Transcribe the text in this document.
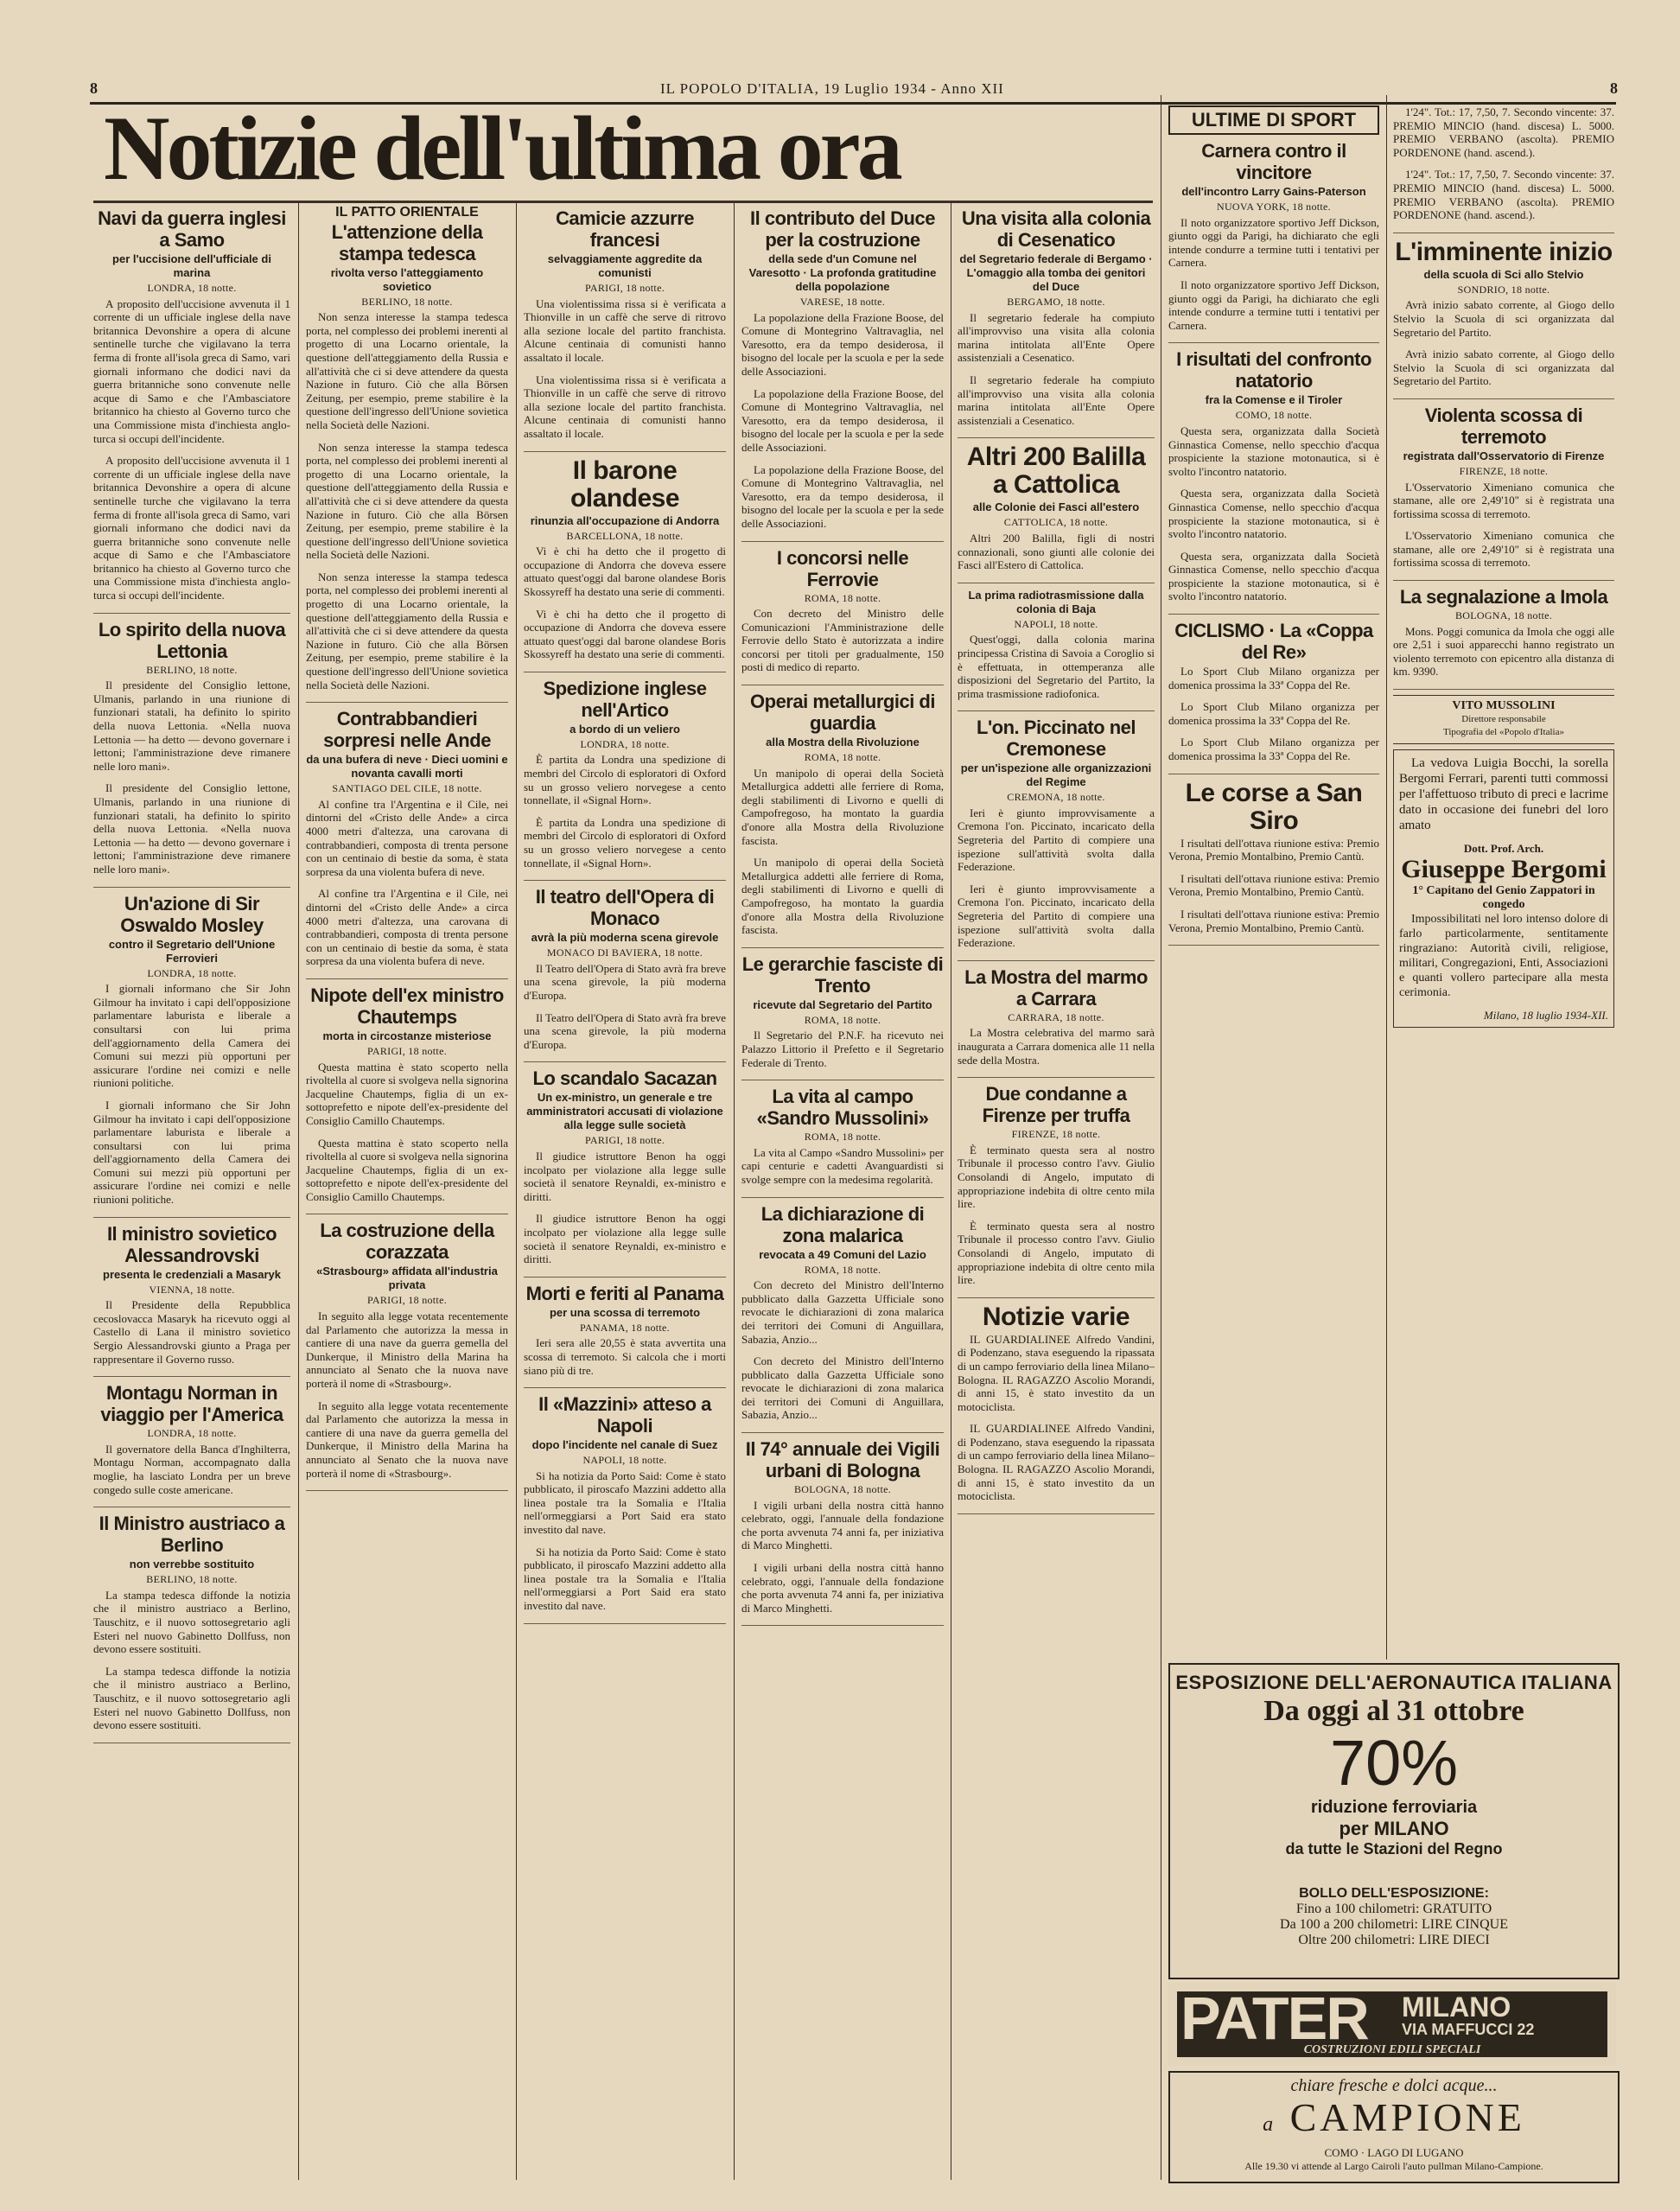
8	IL POPOLO D'ITALIA, 19 Luglio 1934 - Anno XII	8
Notizie dell'ultima ora
Navi da guerra inglesi a Samo
per l'uccisione dell'ufficiale di marina
LONDRA, 18 notte.

A proposito dell'uccisione avvenuta il 1 corrente di un ufficiale inglese della nave britannica Devonshire a opera di alcune sentinelle turche che vigilavano la terra ferma di fronte all'isola greca di Samo, vari giornali informano che dodici navi da guerra britanniche sono convenute nelle acque di Samo e che l'Ambasciatore britannico ha chiesto al Governo turco che una Commissione mista d'inchiesta anglo-turca si occupi dell'incidente.

A proposito dell'uccisione avvenuta il 1 corrente di un ufficiale inglese della nave britannica Devonshire a opera di alcune sentinelle turche che vigilavano la terra ferma di fronte all'isola greca di Samo, vari giornali informano che dodici navi da guerra britanniche sono convenute nelle acque di Samo e che l'Ambasciatore britannico ha chiesto al Governo turco che una Commissione mista d'inchiesta anglo-turca si occupi dell'incidente.

Lo spirito della nuova Lettonia
BERLINO, 18 notte.

Il presidente del Consiglio lettone, Ulmanis, parlando in una riunione di funzionari statali, ha definito lo spirito della nuova Lettonia. «Nella nuova Lettonia — ha detto — devono governare i lettoni; l'amministrazione deve rimanere nelle loro mani».

Il presidente del Consiglio lettone, Ulmanis, parlando in una riunione di funzionari statali, ha definito lo spirito della nuova Lettonia. «Nella nuova Lettonia — ha detto — devono governare i lettoni; l'amministrazione deve rimanere nelle loro mani».

Un'azione di Sir Oswaldo Mosley
contro il Segretario dell'Unione Ferrovieri
LONDRA, 18 notte.

I giornali informano che Sir John Gilmour ha invitato i capi dell'opposizione parlamentare laburista e liberale a consultarsi con lui prima dell'aggiornamento della Camera dei Comuni sui mezzi più opportuni per assicurare l'ordine nei comizi e nelle riunioni politiche.

I giornali informano che Sir John Gilmour ha invitato i capi dell'opposizione parlamentare laburista e liberale a consultarsi con lui prima dell'aggiornamento della Camera dei Comuni sui mezzi più opportuni per assicurare l'ordine nei comizi e nelle riunioni politiche.

Il ministro sovietico Alessandrovski
presenta le credenziali a Masaryk
VIENNA, 18 notte.

Il Presidente della Repubblica cecoslovacca Masaryk ha ricevuto oggi al Castello di Lana il ministro sovietico Sergio Alessandrovski giunto a Praga per rappresentare il Governo russo.

Montagu Norman in viaggio per l'America
LONDRA, 18 notte.

Il governatore della Banca d'Inghilterra, Montagu Norman, accompagnato dalla moglie, ha lasciato Londra per un breve congedo sulle coste americane.

Il Ministro austriaco a Berlino
non verrebbe sostituito
BERLINO, 18 notte.

La stampa tedesca diffonde la notizia che il ministro austriaco a Berlino, Tauschitz, e il nuovo sottosegretario agli Esteri nel nuovo Gabinetto Dollfuss, non devono essere sostituiti.

La stampa tedesca diffonde la notizia che il ministro austriaco a Berlino, Tauschitz, e il nuovo sottosegretario agli Esteri nel nuovo Gabinetto Dollfuss, non devono essere sostituiti.

IL PATTO ORIENTALE
L'attenzione della stampa tedesca
rivolta verso l'atteggiamento sovietico
BERLINO, 18 notte.

Non senza interesse la stampa tedesca porta, nel complesso dei problemi inerenti al progetto di una Locarno orientale, la questione dell'atteggiamento della Russia e all'attività che ci si deve attendere da questa Nazione in futuro. Ciò che alla Börsen Zeitung, per esempio, preme stabilire è la questione dell'ingresso dell'Unione sovietica nella Società delle Nazioni.

Non senza interesse la stampa tedesca porta, nel complesso dei problemi inerenti al progetto di una Locarno orientale, la questione dell'atteggiamento della Russia e all'attività che ci si deve attendere da questa Nazione in futuro. Ciò che alla Börsen Zeitung, per esempio, preme stabilire è la questione dell'ingresso dell'Unione sovietica nella Società delle Nazioni.

Non senza interesse la stampa tedesca porta, nel complesso dei problemi inerenti al progetto di una Locarno orientale, la questione dell'atteggiamento della Russia e all'attività che ci si deve attendere da questa Nazione in futuro. Ciò che alla Börsen Zeitung, per esempio, preme stabilire è la questione dell'ingresso dell'Unione sovietica nella Società delle Nazioni.

Contrabbandieri sorpresi nelle Ande
da una bufera di neve · Dieci uomini e novanta cavalli morti
SANTIAGO DEL CILE, 18 notte.

Al confine tra l'Argentina e il Cile, nei dintorni del «Cristo delle Ande» a circa 4000 metri d'altezza, una carovana di contrabbandieri, composta di trenta persone con un centinaio di bestie da soma, è stata sorpresa da una violenta bufera di neve.

Al confine tra l'Argentina e il Cile, nei dintorni del «Cristo delle Ande» a circa 4000 metri d'altezza, una carovana di contrabbandieri, composta di trenta persone con un centinaio di bestie da soma, è stata sorpresa da una violenta bufera di neve.

Nipote dell'ex ministro Chautemps
morta in circostanze misteriose
PARIGI, 18 notte.

Questa mattina è stato scoperto nella rivoltella al cuore si svolgeva nella signorina Jacqueline Chautemps, figlia di un ex-sottoprefetto e nipote dell'ex-presidente del Consiglio Camillo Chautemps.

Questa mattina è stato scoperto nella rivoltella al cuore si svolgeva nella signorina Jacqueline Chautemps, figlia di un ex-sottoprefetto e nipote dell'ex-presidente del Consiglio Camillo Chautemps.

La costruzione della corazzata
«Strasbourg» affidata all'industria privata
PARIGI, 18 notte.

In seguito alla legge votata recentemente dal Parlamento che autorizza la messa in cantiere di una nave da guerra gemella del Dunkerque, il Ministro della Marina ha annunciato al Senato che la nuova nave porterà il nome di «Strasbourg».

In seguito alla legge votata recentemente dal Parlamento che autorizza la messa in cantiere di una nave da guerra gemella del Dunkerque, il Ministro della Marina ha annunciato al Senato che la nuova nave porterà il nome di «Strasbourg».

Camicie azzurre francesi
selvaggiamente aggredite da comunisti
PARIGI, 18 notte.

Una violentissima rissa si è verificata a Thionville in un caffè che serve di ritrovo alla sezione locale del partito franchista. Alcune centinaia di comunisti hanno assaltato il locale.

Una violentissima rissa si è verificata a Thionville in un caffè che serve di ritrovo alla sezione locale del partito franchista. Alcune centinaia di comunisti hanno assaltato il locale.

Il barone olandese
rinunzia all'occupazione di Andorra
BARCELLONA, 18 notte.

Vi è chi ha detto che il progetto di occupazione di Andorra che doveva essere attuato quest'oggi dal barone olandese Boris Skossyreff ha destato una serie di commenti.

Vi è chi ha detto che il progetto di occupazione di Andorra che doveva essere attuato quest'oggi dal barone olandese Boris Skossyreff ha destato una serie di commenti.

Spedizione inglese nell'Artico
a bordo di un veliero
LONDRA, 18 notte.

È partita da Londra una spedizione di membri del Circolo di esploratori di Oxford su un grosso veliero norvegese a cento tonnellate, il «Signal Horn».

È partita da Londra una spedizione di membri del Circolo di esploratori di Oxford su un grosso veliero norvegese a cento tonnellate, il «Signal Horn».

Il teatro dell'Opera di Monaco
avrà la più moderna scena girevole
MONACO DI BAVIERA, 18 notte.

Il Teatro dell'Opera di Stato avrà fra breve una scena girevole, la più moderna d'Europa.

Il Teatro dell'Opera di Stato avrà fra breve una scena girevole, la più moderna d'Europa.

Lo scandalo Sacazan
Un ex-ministro, un generale e tre amministratori accusati di violazione alla legge sulle società
PARIGI, 18 notte.

Il giudice istruttore Benon ha oggi incolpato per violazione alla legge sulle società il senatore Reynaldi, ex-ministro e diritti.

Il giudice istruttore Benon ha oggi incolpato per violazione alla legge sulle società il senatore Reynaldi, ex-ministro e diritti.

Morti e feriti al Panama
per una scossa di terremoto
PANAMA, 18 notte.

Ieri sera alle 20,55 è stata avvertita una scossa di terremoto. Si calcola che i morti siano più di tre.

Il «Mazzini» atteso a Napoli
dopo l'incidente nel canale di Suez
NAPOLI, 18 notte.

Si ha notizia da Porto Said: Come è stato pubblicato, il piroscafo Mazzini addetto alla linea postale tra la Somalia e l'Italia nell'ormeggiarsi a Port Said era stato investito dal nave.

Si ha notizia da Porto Said: Come è stato pubblicato, il piroscafo Mazzini addetto alla linea postale tra la Somalia e l'Italia nell'ormeggiarsi a Port Said era stato investito dal nave.

Il contributo del Duce per la costruzione
della sede d'un Comune nel Varesotto · La profonda gratitudine della popolazione
VARESE, 18 notte.

La popolazione della Frazione Boose, del Comune di Montegrino Valtravaglia, nel Varesotto, era da tempo desiderosa, il bisogno del locale per la scuola e per la sede delle Associazioni.

La popolazione della Frazione Boose, del Comune di Montegrino Valtravaglia, nel Varesotto, era da tempo desiderosa, il bisogno del locale per la scuola e per la sede delle Associazioni.

La popolazione della Frazione Boose, del Comune di Montegrino Valtravaglia, nel Varesotto, era da tempo desiderosa, il bisogno del locale per la scuola e per la sede delle Associazioni.

I concorsi nelle Ferrovie
ROMA, 18 notte.

Con decreto del Ministro delle Comunicazioni l'Amministrazione delle Ferrovie dello Stato è autorizzata a indire concorsi per titoli per gradualmente, 150 posti di medico di reparto.

Operai metallurgici di guardia
alla Mostra della Rivoluzione
ROMA, 18 notte.

Un manipolo di operai della Società Metallurgica addetti alle ferriere di Roma, degli stabilimenti di Livorno e quelli di Campofregoso, ha montato la guardia d'onore alla Mostra della Rivoluzione fascista.

Un manipolo di operai della Società Metallurgica addetti alle ferriere di Roma, degli stabilimenti di Livorno e quelli di Campofregoso, ha montato la guardia d'onore alla Mostra della Rivoluzione fascista.

Le gerarchie fasciste di Trento
ricevute dal Segretario del Partito
ROMA, 18 notte.

Il Segretario del P.N.F. ha ricevuto nei Palazzo Littorio il Prefetto e il Segretario Federale di Trento.

La vita al campo «Sandro Mussolini»
ROMA, 18 notte.

La vita al Campo «Sandro Mussolini» per capi centurie e cadetti Avanguardisti si svolge sempre con la medesima regolarità.

La dichiarazione di zona malarica
revocata a 49 Comuni del Lazio
ROMA, 18 notte.

Con decreto del Ministro dell'Interno pubblicato dalla Gazzetta Ufficiale sono revocate le dichiarazioni di zona malarica dei territori dei Comuni di Anguillara, Sabazia, Anzio...

Con decreto del Ministro dell'Interno pubblicato dalla Gazzetta Ufficiale sono revocate le dichiarazioni di zona malarica dei territori dei Comuni di Anguillara, Sabazia, Anzio...

Il 74° annuale dei Vigili urbani di Bologna
BOLOGNA, 18 notte.

I vigili urbani della nostra città hanno celebrato, oggi, l'annuale della fondazione che porta avvenuta 74 anni fa, per iniziativa di Marco Minghetti.

I vigili urbani della nostra città hanno celebrato, oggi, l'annuale della fondazione che porta avvenuta 74 anni fa, per iniziativa di Marco Minghetti.

Una visita alla colonia di Cesenatico
del Segretario federale di Bergamo · L'omaggio alla tomba dei genitori del Duce
BERGAMO, 18 notte.

Il segretario federale ha compiuto all'improvviso una visita alla colonia marina intitolata all'Ente Opere assistenziali a Cesenatico.

Il segretario federale ha compiuto all'improvviso una visita alla colonia marina intitolata all'Ente Opere assistenziali a Cesenatico.

Altri 200 Balilla a Cattolica
alle Colonie dei Fasci all'estero
CATTOLICA, 18 notte.

Altri 200 Balilla, figli di nostri connazionali, sono giunti alle colonie dei Fasci all'Estero di Cattolica.

La prima radiotrasmissione dalla colonia di Baja
NAPOLI, 18 notte.

Quest'oggi, dalla colonia marina principessa Cristina di Savoia a Coroglio si è effettuata, in ottemperanza alle disposizioni del Segretario del Partito, la prima trasmissione radiofonica.

L'on. Piccinato nel Cremonese
per un'ispezione alle organizzazioni del Regime
CREMONA, 18 notte.

Ieri è giunto improvvisamente a Cremona l'on. Piccinato, incaricato della Segreteria del Partito di compiere una ispezione sull'attività svolta dalla Federazione.

Ieri è giunto improvvisamente a Cremona l'on. Piccinato, incaricato della Segreteria del Partito di compiere una ispezione sull'attività svolta dalla Federazione.

La Mostra del marmo a Carrara
CARRARA, 18 notte.

La Mostra celebrativa del marmo sarà inaugurata a Carrara domenica alle 11 nella sede della Mostra.

Due condanne a Firenze per truffa
FIRENZE, 18 notte.

È terminato questa sera al nostro Tribunale il processo contro l'avv. Giulio Consolandi di Angelo, imputato di appropriazione indebita di oltre cento mila lire.

È terminato questa sera al nostro Tribunale il processo contro l'avv. Giulio Consolandi di Angelo, imputato di appropriazione indebita di oltre cento mila lire.

Notizie varie

IL GUARDIALINEE Alfredo Vandini, di Podenzano, stava eseguendo la ripassata di un campo ferroviario della linea Milano–Bologna. IL RAGAZZO Ascolio Morandi, di anni 15, è stato investito da un motociclista.

IL GUARDIALINEE Alfredo Vandini, di Podenzano, stava eseguendo la ripassata di un campo ferroviario della linea Milano–Bologna. IL RAGAZZO Ascolio Morandi, di anni 15, è stato investito da un motociclista.

ULTIME DI SPORT
Carnera contro il vincitore
dell'incontro Larry Gains-Paterson
NUOVA YORK, 18 notte.

Il noto organizzatore sportivo Jeff Dickson, giunto oggi da Parigi, ha dichiarato che egli intende condurre a termine tutti i tentativi per Carnera.

Il noto organizzatore sportivo Jeff Dickson, giunto oggi da Parigi, ha dichiarato che egli intende condurre a termine tutti i tentativi per Carnera.

I risultati del confronto natatorio
fra la Comense e il Tiroler
COMO, 18 notte.

Questa sera, organizzata dalla Società Ginnastica Comense, nello specchio d'acqua prospiciente la stazione motonautica, si è svolto l'incontro natatorio.

Questa sera, organizzata dalla Società Ginnastica Comense, nello specchio d'acqua prospiciente la stazione motonautica, si è svolto l'incontro natatorio.

Questa sera, organizzata dalla Società Ginnastica Comense, nello specchio d'acqua prospiciente la stazione motonautica, si è svolto l'incontro natatorio.

CICLISMO · La «Coppa del Re»

Lo Sport Club Milano organizza per domenica prossima la 33ª Coppa del Re.

Lo Sport Club Milano organizza per domenica prossima la 33ª Coppa del Re.

Lo Sport Club Milano organizza per domenica prossima la 33ª Coppa del Re.

Le corse a San Siro

I risultati dell'ottava riunione estiva: Premio Verona, Premio Montalbino, Premio Cantù.

I risultati dell'ottava riunione estiva: Premio Verona, Premio Montalbino, Premio Cantù.

I risultati dell'ottava riunione estiva: Premio Verona, Premio Montalbino, Premio Cantù.

1'24". Tot.: 17, 7,50, 7. Secondo vincente: 37. PREMIO MINCIO (hand. discesa) L. 5000. PREMIO VERBANO (ascolta). PREMIO PORDENONE (hand. ascend.).

1'24". Tot.: 17, 7,50, 7. Secondo vincente: 37. PREMIO MINCIO (hand. discesa) L. 5000. PREMIO VERBANO (ascolta). PREMIO PORDENONE (hand. ascend.).

L'imminente inizio
della scuola di Sci allo Stelvio
SONDRIO, 18 notte.

Avrà inizio sabato corrente, al Giogo dello Stelvio la Scuola di sci organizzata dal Segretario del Partito.

Avrà inizio sabato corrente, al Giogo dello Stelvio la Scuola di sci organizzata dal Segretario del Partito.

Violenta scossa di terremoto
registrata dall'Osservatorio di Firenze
FIRENZE, 18 notte.

L'Osservatorio Ximeniano comunica che stamane, alle ore 2,49'10" si è registrata una fortissima scossa di terremoto.

L'Osservatorio Ximeniano comunica che stamane, alle ore 2,49'10" si è registrata una fortissima scossa di terremoto.

La segnalazione a Imola
BOLOGNA, 18 notte.

Mons. Poggi comunica da Imola che oggi alle ore 2,51 i suoi apparecchi hanno registrato un violento terremoto con epicentro alla distanza di km. 9390.

VITO MUSSOLINI
Direttore responsabile
Tipografia del «Popolo d'Italia»

La vedova Luigia Bocchi, la sorella Bergomi Ferrari, parenti tutti commossi per l'affettuoso tributo di preci e lacrime dato in occasione dei funebri del loro amato

Dott. Prof. Arch.
Giuseppe Bergomi
1° Capitano del Genio Zappatori in congedo

Impossibilitati nel loro intenso dolore di farlo particolarmente, sentitamente ringraziano: Autorità civili, religiose, militari, Congregazioni, Enti, Associazioni e quanti vollero partecipare alla mesta cerimonia.

Milano, 18 luglio 1934-XII.
ESPOSIZIONE DELL'AERONAUTICA ITALIANA
Da oggi al 31 ottobre
70%
riduzione ferroviaria
per MILANO
da tutte le Stazioni del Regno
BOLLO DELL'ESPOSIZIONE:
Fino a 100 chilometri: GRATUITO
Da 100 a 200 chilometri: LIRE CINQUE
Oltre 200 chilometri: LIRE DIECI
PATER MILANO
VIA MAFFUCCI 22
COSTRUZIONI EDILI SPECIALI
chiare fresche e dolci acque...
a CAMPIONE
COMO · LAGO DI LUGANO
Alle 19.30 vi attende al Largo Cairoli l'auto pullman Milano-Campione.
